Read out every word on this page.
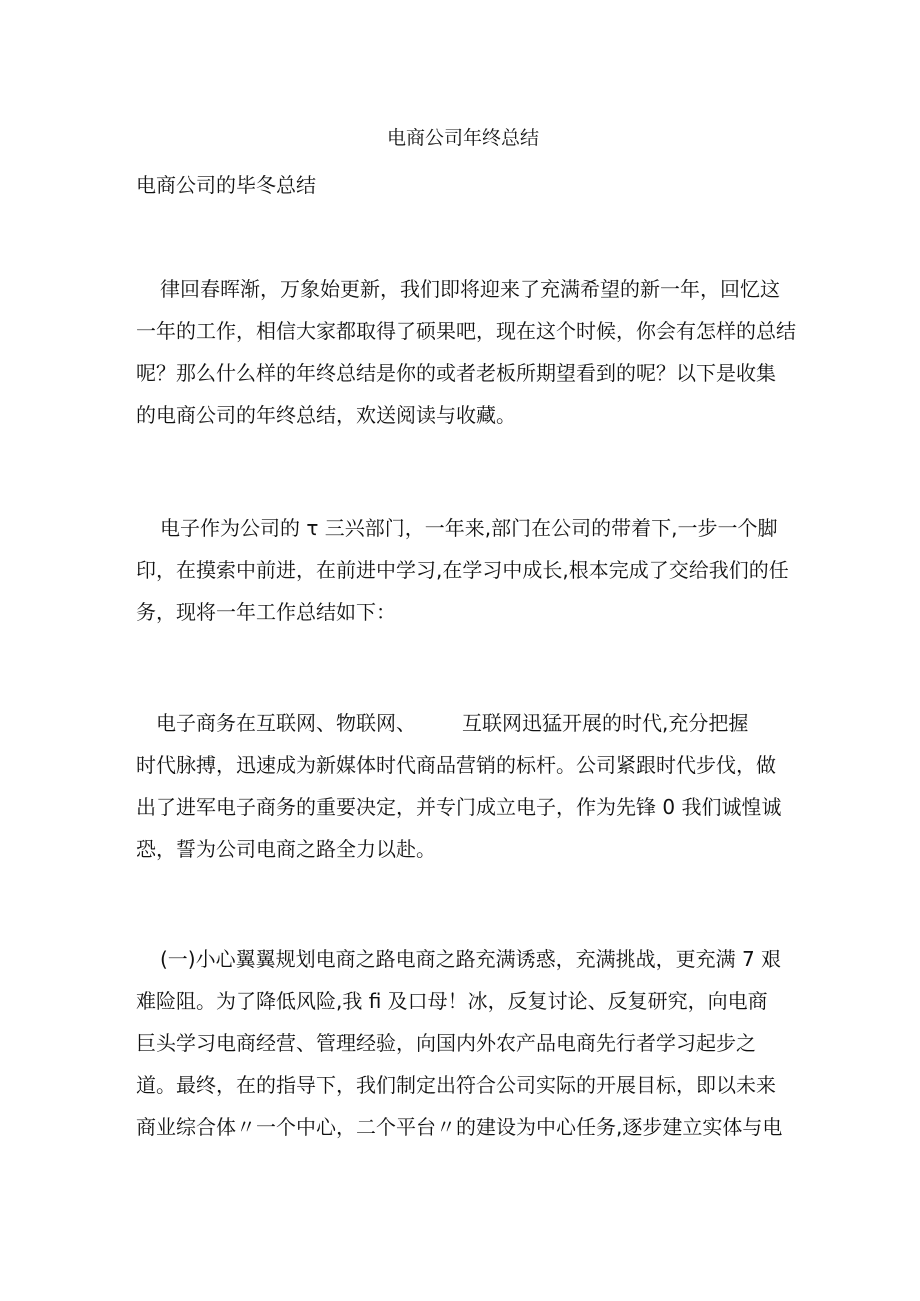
电商公司年终总结
电商公司的毕冬总结
律回春晖渐，万象始更新，我们即将迎来了充满希望的新一年，回忆这
一年的工作，相信大家都取得了硕果吧，现在这个时候，你会有怎样的总结
呢？那么什么样的年终总结是你的或者老板所期望看到的呢？以下是收集
的电商公司的年终总结，欢送阅读与收藏。
电子作为公司的 τ 三兴部门，一年来,部门在公司的带着下,一步一个脚
印，在摸索中前进，在前进中学习,在学习中成长,根本完成了交给我们的任
务，现将一年工作总结如下：
电子商务在互联网、物联网、 互联网迅猛开展的时代,充分把握
时代脉搏，迅速成为新媒体时代商品营销的标杆。公司紧跟时代步伐，做
出了进军电子商务的重要决定，并专门成立电子，作为先锋 0 我们诚惶诚
恐，誓为公司电商之路全力以赴。
(一)小心翼翼规划电商之路电商之路充满诱惑，充满挑战，更充满 7 艰
难险阻。为了降低风险,我 fi 及口母！冰，反复讨论、反复研究，向电商
巨头学习电商经营、管理经验，向国内外农产品电商先行者学习起步之
道。最终，在的指导下，我们制定出符合公司实际的开展目标，即以未来
商业综合体〃一个中心，二个平台〃的建设为中心任务,逐步建立实体与电
